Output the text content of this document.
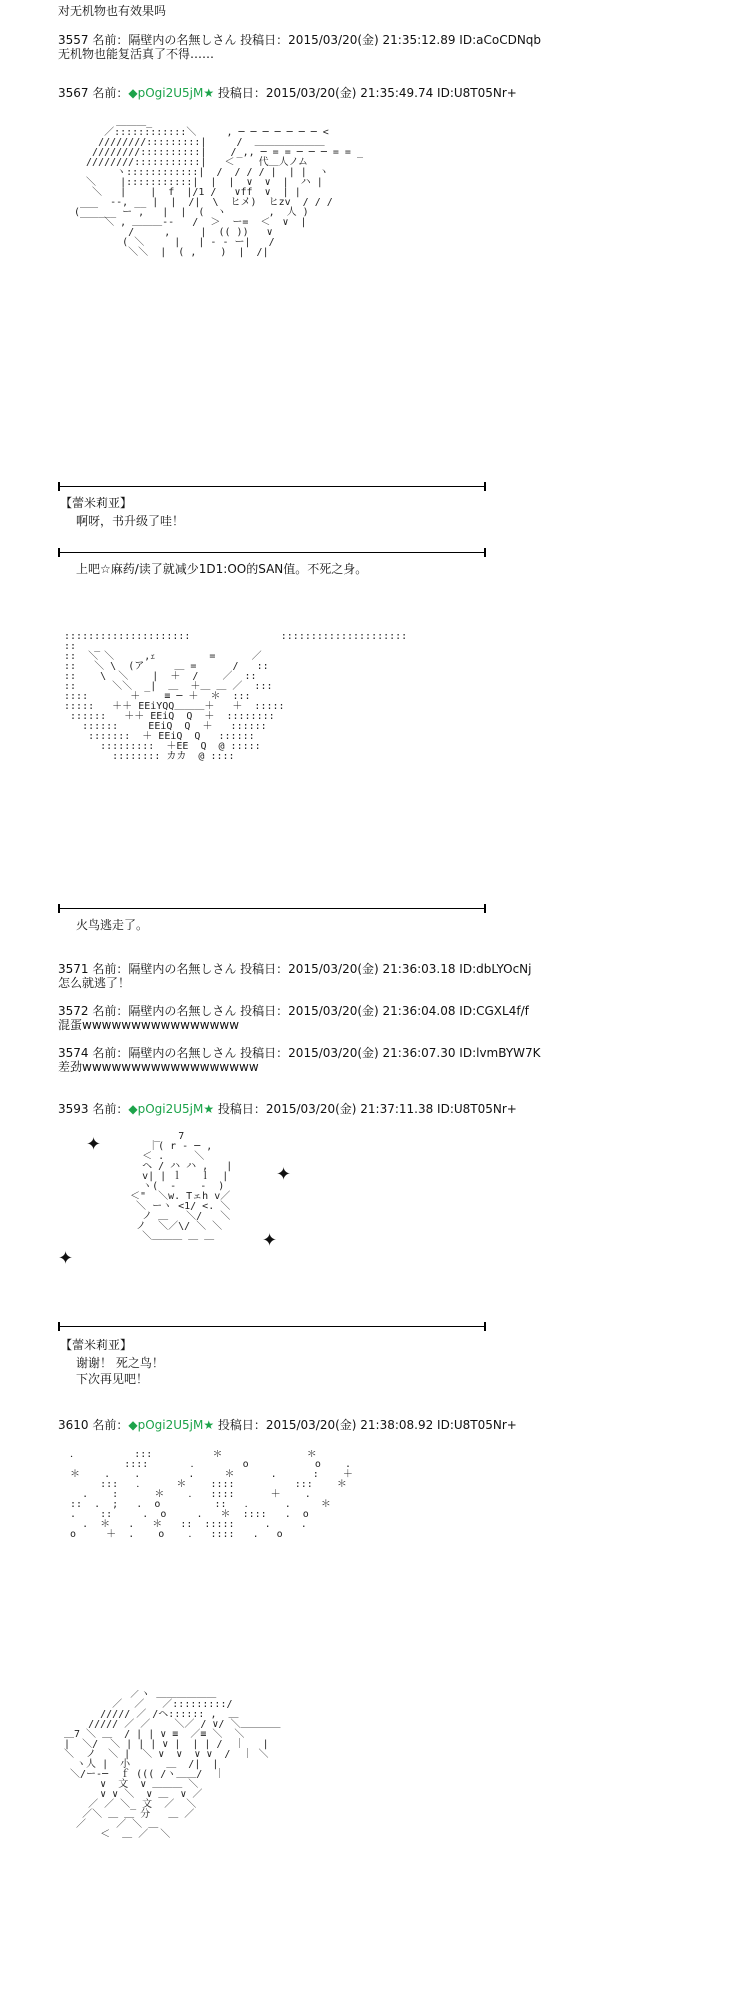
对无机物也有效果吗
3557 名前：隔壁内の名無しさん 投稿日：2015/03/20(金) 21:35:12.89 ID:aCoCDNqb
无机物也能复活真了不得……
3567 名前：◆pOgi2U5jM★ 投稿日：2015/03/20(金) 21:35:49.74 ID:U8T05Nr+
＿＿＿_
／::::::::::::＼     , ─ ─ ─ ─ ─ ─ ─ <
////////:::::::::|     /  ＿＿＿＿＿＿＿
////////::::::::::|    /_,, ─ = = ─ ─ ─ = = _
////////:::::::::::|   ＜    代＿人ノム
ヽ::::::::::::|  /  / / / |  | |  ヽ
＼    |:::::::::::|  |  |  ∨  ∨  |  ハ |
＼   |    |  f  |/1 /   ∨ff  ∨  | |
___  --, __ |  |  /|  \  ヒメ)  ヒzv  / / /
(______ ー ,   |  |  (  ヽ       ,  人 )
＼ , ＿＿＿--   /  ＞  ー=  ＜  ∨  |
/     ,     |  (( ))   ∨
( ＼     |   | - - ー|   /
＼＼  |  ( ,    )  |  /|
【蕾米莉亚】
啊呀，书升级了哇！
上吧☆麻药/读了就减少1D1:OO的SAN值。不死之身。
:::::::::::::::::::::               :::::::::::::::::::::
::   _
::  ＼ ＼     ,ｪ         =      ／
::   ＼ \  (ア     ＿ =      /   ::
::    \  ＼    |  ＋  /    ／  ::
::      ＼＼  _|  ＿  ＋＿ ＿ ／  :::
::::       ＋    ≡ ─ ＋  ＊  :::
:::::   ＋＋ EEiYQQ＿＿＿＋   ＋  :::::
::::::   ＋＋ EEiQ  Q  ＋  ::::::::
::::::     EEiQ  Q  ＋   ::::::
:::::::  ＋ EEiQ  Q   ::::::
:::::::::  ＋EE  Q  @ :::::
:::::::: カカ  @ ::::
火鸟逃走了。
3571 名前：隔壁内の名無しさん 投稿日：2015/03/20(金) 21:36:03.18 ID:dbLYOcNj
怎么就逃了！
3572 名前：隔壁内の名無しさん 投稿日：2015/03/20(金) 21:36:04.08 ID:CGXL4f/f
混蛋wwwwwwwwwwwwwwww
3574 名前：隔壁内の名無しさん 投稿日：2015/03/20(金) 21:36:07.30 ID:lvmBYW7K
差劲wwwwwwwwwwwwwwwwww
3593 名前：◆pOgi2U5jM★ 投稿日：2015/03/20(金) 21:37:11.38 ID:U8T05Nr+
✦
✦
✦
✦
_   7
｜( r - ─ ,
＜ .     ＼
ヘ / ハ ハ ,   |
v| | ｌ   ｌ  |
ヽ(  -    -  )
＜"  ＼w. Tェh v／
＼ ーヽ <1/ <. ＼
ノ ＿   ＼/   ＼
ノ  ＼／\/ ＼ ＼
＼＿＿＿ ＿ ＿
【蕾米莉亚】
谢谢！ 死之鸟！
下次再见吧！
3610 名前：◆pOgi2U5jM★ 投稿日：2015/03/20(金) 21:38:08.92 ID:U8T05Nr+
．         :::          ＊              ＊
::::       ．       o           o    .
＊    .    .        .     ＊      .      :    ＋
:::   ．     ＊    ::::          :::    ＊
.    :      ＊    ．  ::::      ＋    .
::  .  ;   .  o         ::   ．     .     ＊
.    ::     .  o     .   ＊  ::::   .  o
.  ＊   .   ＊   ::  :::::     .     .
o     ＋  .    o    ．  ::::   .   o
／ヽ ＿＿＿＿＿＿
／  ／   ／:::::::::/
///// ／ /ヘ:::::: ,  ＿
///// ／ ／    ＼／ / ∨/ ＼＿＿＿＿
＿7 ＼ ＿  / | | ∨ ≡  ／≡ ＼  ＼
|  ＼/  ＼ | | | ∨ |  | | /  ｜   |
＼  ノ  ＼ |  ＼ ∨  ∨  ∨ ∨  /  ｜ ＼
ヽ人 |  小      ＿  /|  |
＼/ー-─  ｆ ((( /ヽ＿＿/  ｜
∨  文  ∨ ＿＿＿ ＼
∨ ∨ ＼  ∨ ＿  ∨ ／
／ ／ ＼_ 文  ／  ＼
／＼ ＿ ＿ 分   ＿ ／
／     ／ ＼ ＿
＜  ＿ ／  ＼
